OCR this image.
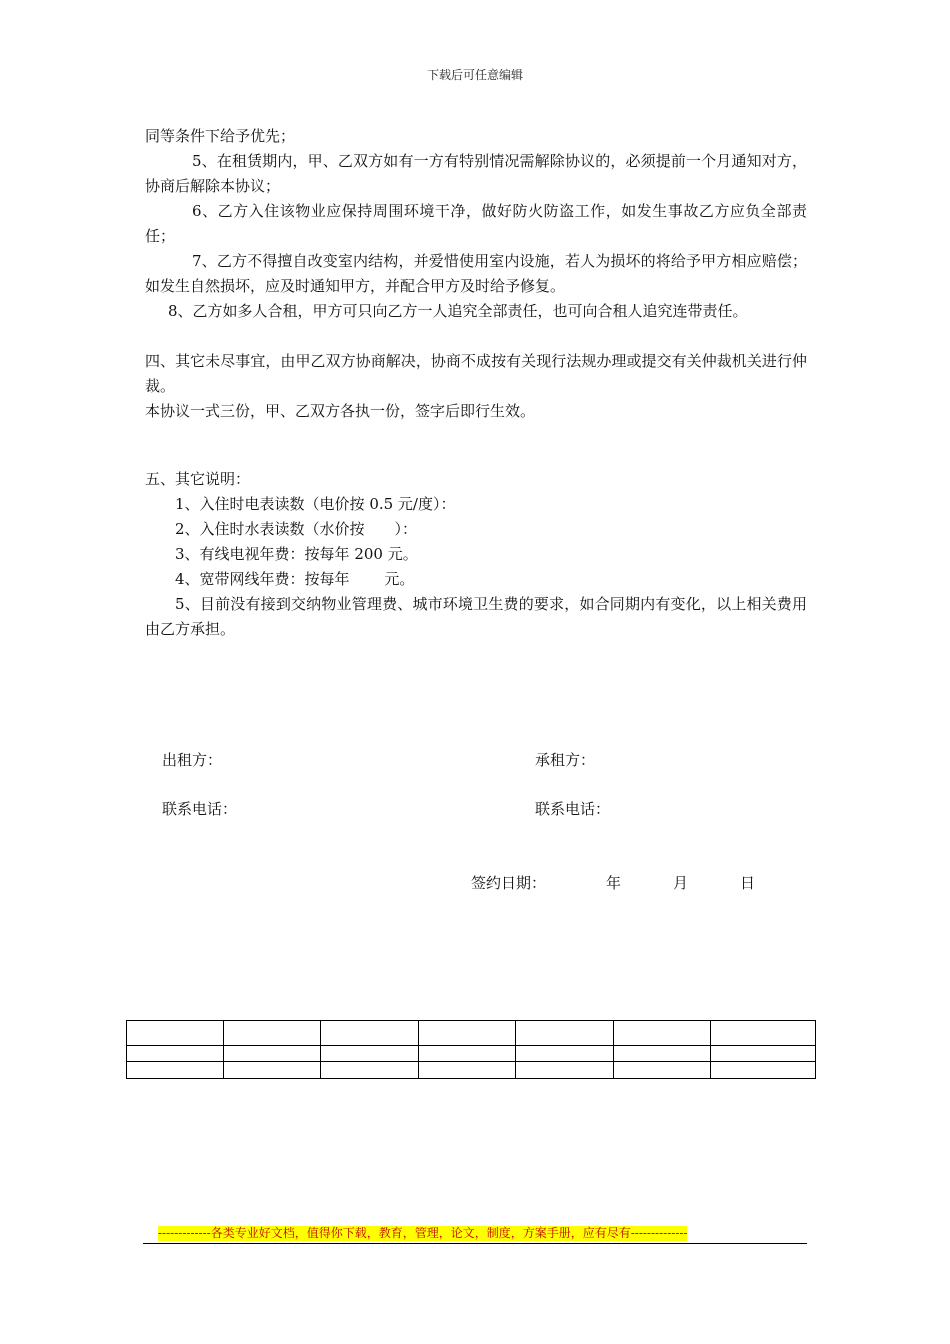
下载后可任意编辑

同等条件下给予优先；

5、在租赁期内，甲、乙双方如有一方有特别情况需解除协议的，必须提前一个月通知对方，协商后解除本协议；

6、乙方入住该物业应保持周围环境干净，做好防火防盗工作，如发生事故乙方应负全部责任；

7、乙方不得擅自改变室内结构，并爱惜使用室内设施，若人为损坏的将给予甲方相应赔偿；如发生自然损坏，应及时通知甲方，并配合甲方及时给予修复。

8、乙方如多人合租，甲方可只向乙方一人追究全部责任，也可向合租人追究连带责任。

四、其它未尽事宜，由甲乙双方协商解决，协商不成按有关现行法规办理或提交有关仲裁机关进行仲裁。

本协议一式三份，甲、乙双方各执一份，签字后即行生效。

五、其它说明：

1、入住时电表读数（电价按 0.5 元/度）：

2、入住时水表读数（水价按　　）：

3、有线电视年费：按每年 200 元。

4、宽带网线年费：按每年　　 元。

5、目前没有接到交纳物业管理费、城市环境卫生费的要求，如合同期内有变化，以上相关费用由乙方承担。

出租方：	承租方：
联系电话：	联系电话：
签约日期：	年	月	日

-------------各类专业好文档，值得你下载，教育，管理，论文，制度，方案手册，应有尽有--------------
